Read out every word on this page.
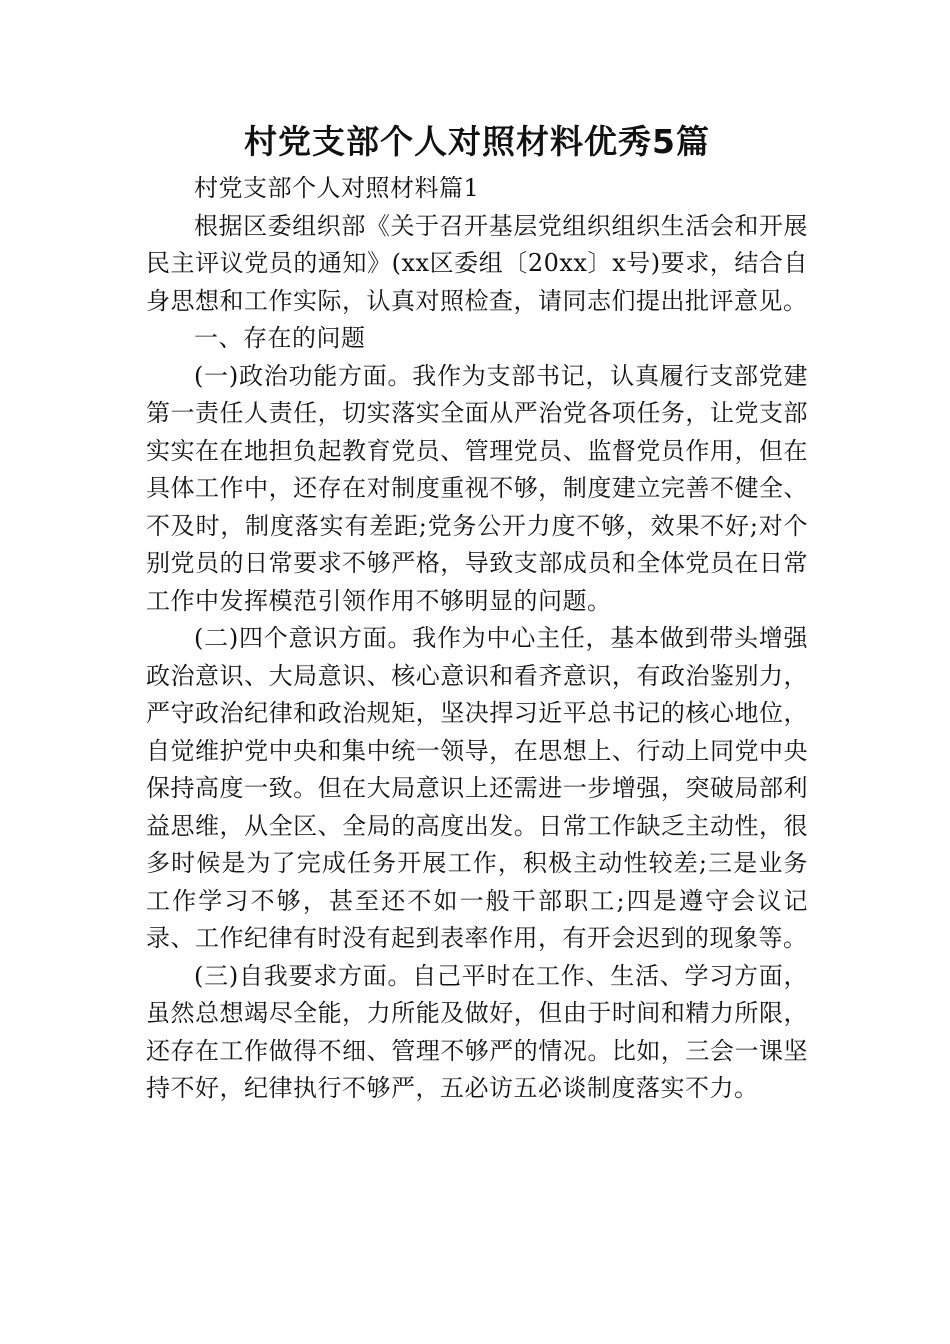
村党支部个人对照材料优秀5篇

村党支部个人对照材料篇1

根据区委组织部《关于召开基层党组织组织生活会和开展民主评议党员的通知》(xx区委组〔20xx〕x号)要求，结合自身思想和工作实际，认真对照检查，请同志们提出批评意见。

一、存在的问题

(一)政治功能方面。我作为支部书记，认真履行支部党建第一责任人责任，切实落实全面从严治党各项任务，让党支部实实在在地担负起教育党员、管理党员、监督党员作用，但在具体工作中，还存在对制度重视不够，制度建立完善不健全、不及时，制度落实有差距;党务公开力度不够，效果不好;对个别党员的日常要求不够严格，导致支部成员和全体党员在日常工作中发挥模范引领作用不够明显的问题。

(二)四个意识方面。我作为中心主任，基本做到带头增强政治意识、大局意识、核心意识和看齐意识，有政治鉴别力，严守政治纪律和政治规矩，坚决捍习近平总书记的核心地位，自觉维护党中央和集中统一领导，在思想上、行动上同党中央保持高度一致。但在大局意识上还需进一步增强，突破局部利益思维，从全区、全局的高度出发。日常工作缺乏主动性，很多时候是为了完成任务开展工作，积极主动性较差;三是业务工作学习不够，甚至还不如一般干部职工;四是遵守会议记录、工作纪律有时没有起到表率作用，有开会迟到的现象等。

(三)自我要求方面。自己平时在工作、生活、学习方面，虽然总想竭尽全能，力所能及做好，但由于时间和精力所限，还存在工作做得不细、管理不够严的情况。比如，三会一课坚持不好，纪律执行不够严，五必访五必谈制度落实不力。
